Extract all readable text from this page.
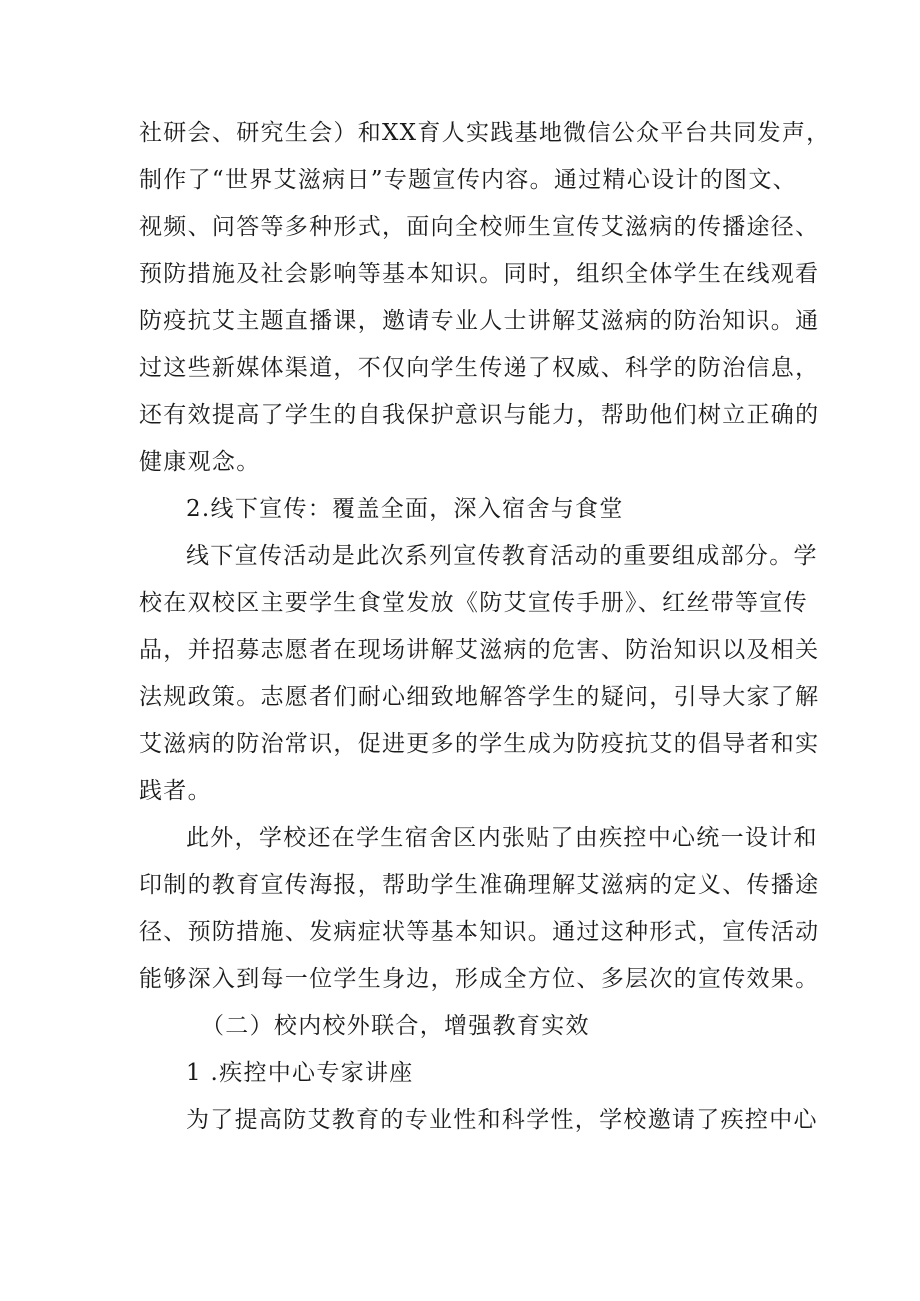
社研会、研究生会）和XX育人实践基地微信公众平台共同发声，
制作了“世界艾滋病日”专题宣传内容。通过精心设计的图文、
视频、问答等多种形式，面向全校师生宣传艾滋病的传播途径、
预防措施及社会影响等基本知识。同时，组织全体学生在线观看
防疫抗艾主题直播课，邀请专业人士讲解艾滋病的防治知识。通
过这些新媒体渠道，不仅向学生传递了权威、科学的防治信息，
还有效提高了学生的自我保护意识与能力，帮助他们树立正确的
健康观念。
2.线下宣传：覆盖全面，深入宿舍与食堂
线下宣传活动是此次系列宣传教育活动的重要组成部分。学
校在双校区主要学生食堂发放《防艾宣传手册》、红丝带等宣传
品，并招募志愿者在现场讲解艾滋病的危害、防治知识以及相关
法规政策。志愿者们耐心细致地解答学生的疑问，引导大家了解
艾滋病的防治常识，促进更多的学生成为防疫抗艾的倡导者和实
践者。
此外，学校还在学生宿舍区内张贴了由疾控中心统一设计和
印制的教育宣传海报，帮助学生准确理解艾滋病的定义、传播途
径、预防措施、发病症状等基本知识。通过这种形式，宣传活动
能够深入到每一位学生身边，形成全方位、多层次的宣传效果。
（二）校内校外联合，增强教育实效
1 .疾控中心专家讲座
为了提高防艾教育的专业性和科学性，学校邀请了疾控中心
